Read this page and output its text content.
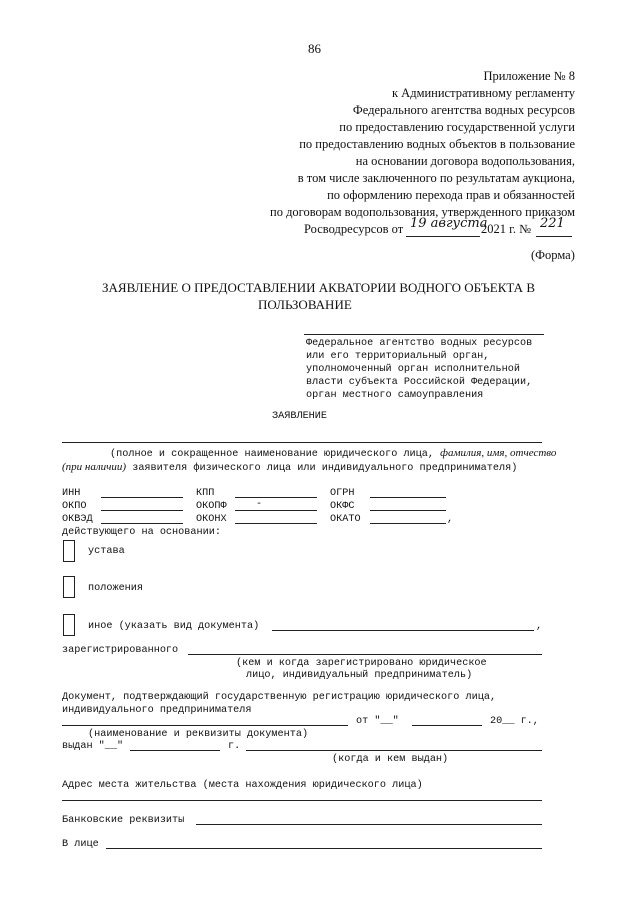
86
Приложение № 8
к Административному регламенту
Федерального агентства водных ресурсов
по предоставлению государственной услуги
по предоставлению водных объектов в пользование
на основании договора водопользования,
в том числе заключенного по результатам аукциона,
по оформлению перехода прав и обязанностей
по договорам водопользования, утвержденного приказом
Росводресурсов от 19 августа
2021 г. № 221
(Форма)
ЗАЯВЛЕНИЕ О ПРЕДОСТАВЛЕНИИ АКВАТОРИИ ВОДНОГО ОБЪЕКТА В
ПОЛЬЗОВАНИЕ
Федеральное агентство водных ресурсов
или его территориальный орган,
уполномоченный орган исполнительной
власти субъекта Российской Федерации,
орган местного самоуправления
ЗАЯВЛЕНИЕ
(полное и сокращенное наименование юридического лица, фамилия, имя, отчество
(при наличии) заявителя физического лица или индивидуального предпринимателя)
ИНН	КПП	ОГРН
ОКПО	ОКОПФ	-	ОКФС
ОКВЭД	ОКОНХ	ОКАТО	,
действующего на основании:
устава
положения
иное (указать вид документа)	,
зарегистрированного
(кем и когда зарегистрировано юридическое
лицо, индивидуальный предприниматель)
Документ, подтверждающий государственную регистрацию юридического лица,
индивидуального предпринимателя
от "__"	20__ г.,
(наименование и реквизиты документа)
выдан "__"	г.
(когда и кем выдан)
Адрес места жительства (места нахождения юридического лица)
Банковские реквизиты
В лице
